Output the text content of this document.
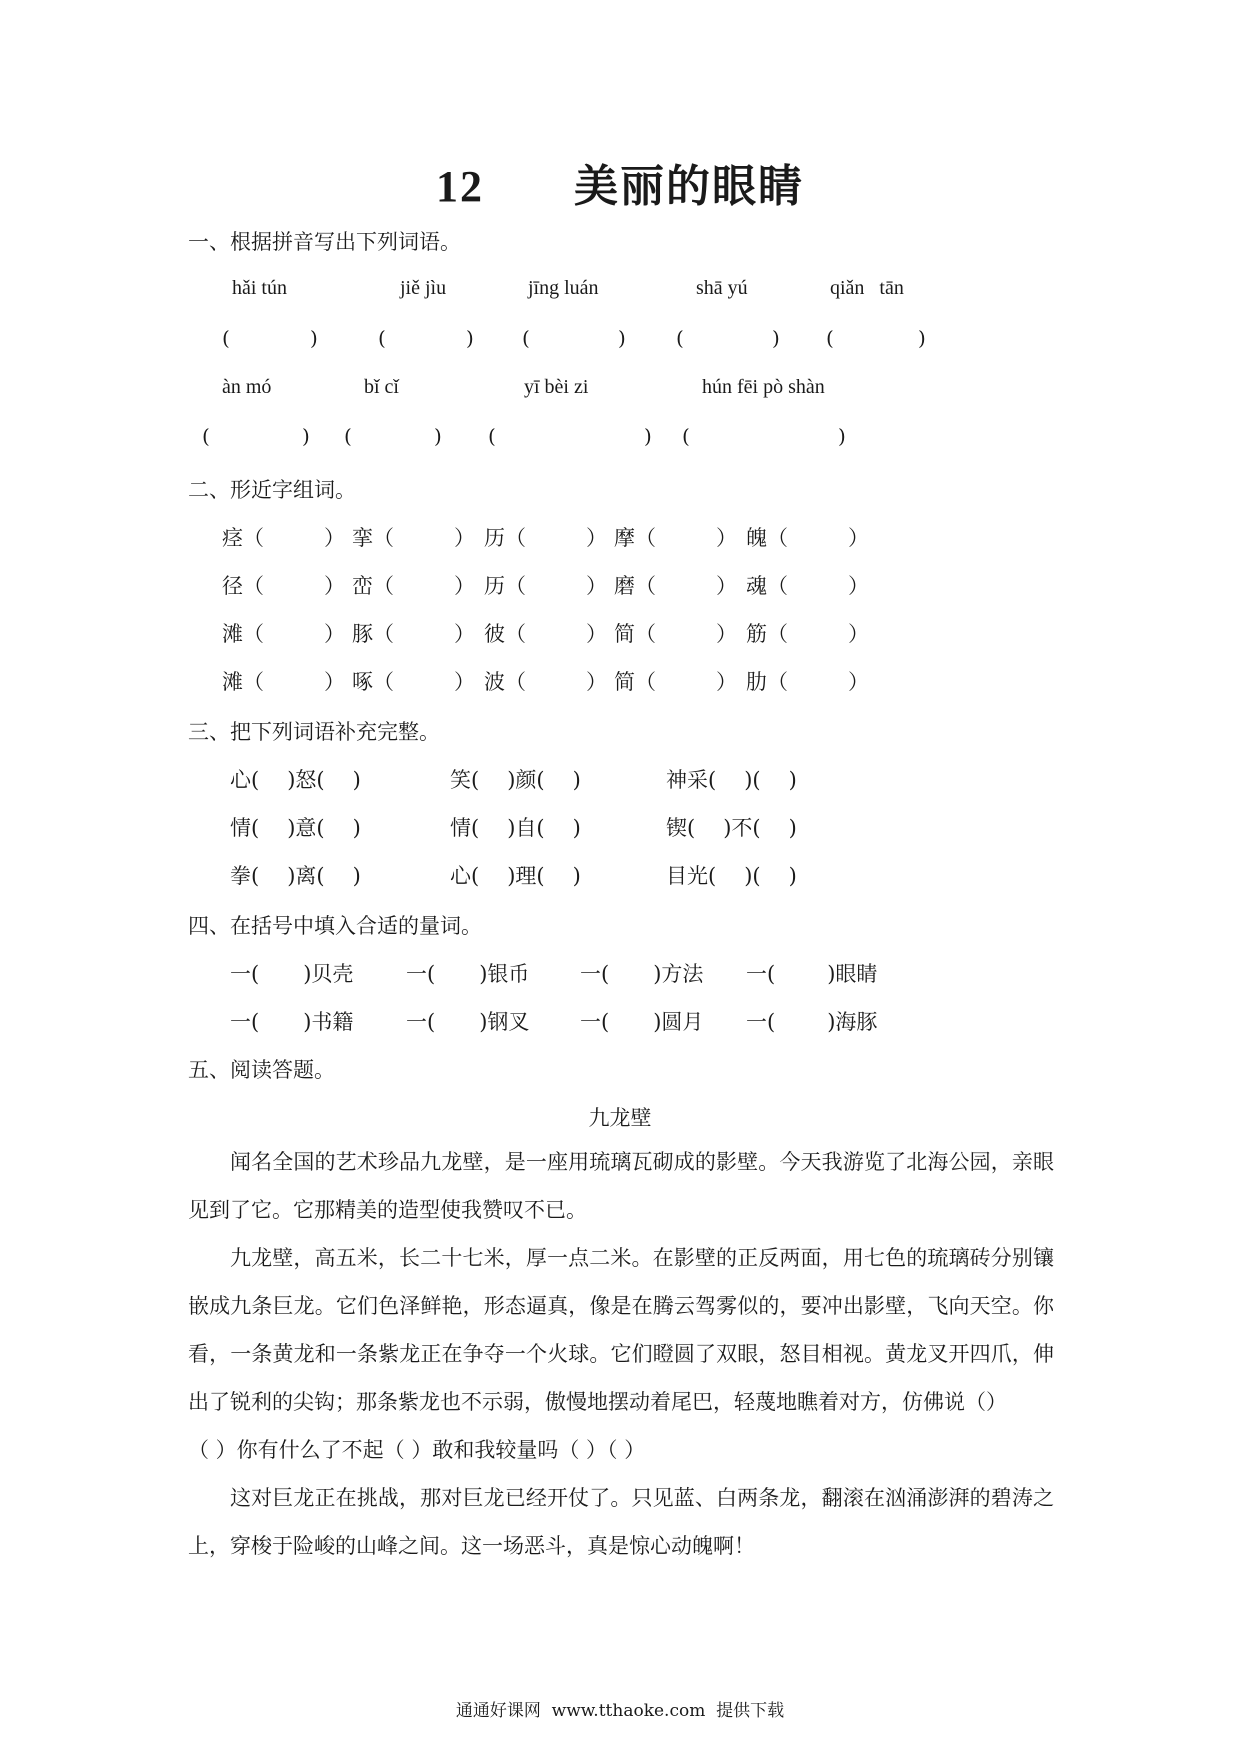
12 美丽的眼睛
一、根据拼音写出下列词语。
hǎi tún	jiě jìu	jīng luán	shā yú	qiǎn   tān
(	)	(	) (	)	(	) (	)
àn mó	bǐ cǐ	yī bèi zi	hún fēi pò shàn
(	) (	) (	) (	)
二、形近字组词。
痉（	） 挛（	） 历（	） 摩（	） 魄（	）
径（	） 峦（	） 历（	） 磨（	） 魂（	）
滩（	） 豚（	） 彼（	） 简（	） 筋（	）
滩（	） 啄（	） 波（	） 简（	） 肋（	）
三、把下列词语补充完整。
心( )怒( )	笑( )颜( )	神采( )( )
情( )意( )	情( )自( )	锲( )不( )
拳( )离( )	心( )理( )	目光( )( )
四、在括号中填入合适的量词。
一( )贝壳	一( )银币 一( )方法 一( )眼睛
一( )书籍	一( )钢叉 一( )圆月 一( )海豚
五、阅读答题。
九龙壁
闻名全国的艺术珍品九龙壁，是一座用琉璃瓦砌成的影壁。今天我游览了北海公园，亲眼见到了它。它那精美的造型使我赞叹不已。
九龙壁，高五米，长二十七米，厚一点二米。在影壁的正反两面，用七色的琉璃砖分别镶嵌成九条巨龙。它们色泽鲜艳，形态逼真，像是在腾云驾雾似的，要冲出影壁，飞向天空。你看，一条黄龙和一条紫龙正在争夺一个火球。它们瞪圆了双眼，怒目相视。黄龙叉开四爪，伸出了锐利的尖钩；那条紫龙也不示弱，傲慢地摆动着尾巴，轻蔑地瞧着对方，仿佛说（）
（ ）你有什么了不起（ ）敢和我较量吗（ ）（ ）
这对巨龙正在挑战，那对巨龙已经开仗了。只见蓝、白两条龙，翻滚在汹涌澎湃的碧涛之上，穿梭于险峻的山峰之间。这一场恶斗，真是惊心动魄啊！
通通好课网  www.tthaoke.com  提供下载
